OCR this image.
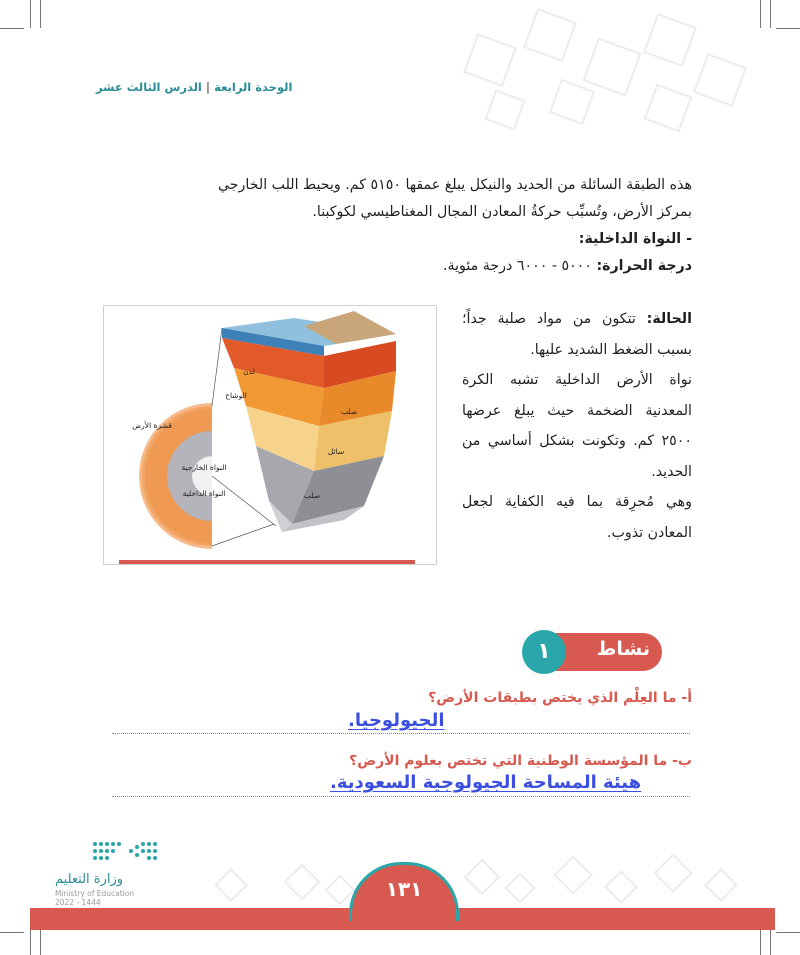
الوحدة الرابعة|الدرس الثالث عشر
هذه الطبقة السائلة من الحديد والنيكل يبلغ عمقها ٥١٥٠ كم. ويحيط اللب الخارجي
بمركز الأرض، وتُسبِّب حركةُ المعادن المجال المغناطيسي لكوكبنا.
- النواة الداخلية:
درجة الحرارة: ٥٠٠٠ - ٦٠٠٠ درجة مئوية.
لدن
صلب
الوشاح
قشرة الأرض
سائل
النواة الخارجية
النواة الداخلية	صلب
الحالة: تتكون من مواد صلبة جداً؛ بسبب الضغط الشديد عليها.
نواة الأرض الداخلية تشبه الكرة المعدنية الضخمة حيث يبلغ عرضها ٢٥٠٠ كم. وتكونت بشكل أساسي من الحديد.
وهي مُحرِقة بما فيه الكفاية لجعل المعادن تذوب.
نشاط
١
أ- ما العِلْم الذي يختص بطبقات الأرض؟
الجيولوجيا.
ب- ما المؤسسة الوطنية التي تختص بعلوم الأرض؟
هيئة المساحة الجيولوجية السعودية.
وزارة التعليم
Ministry of Education
2022 - 1444
١٣١
